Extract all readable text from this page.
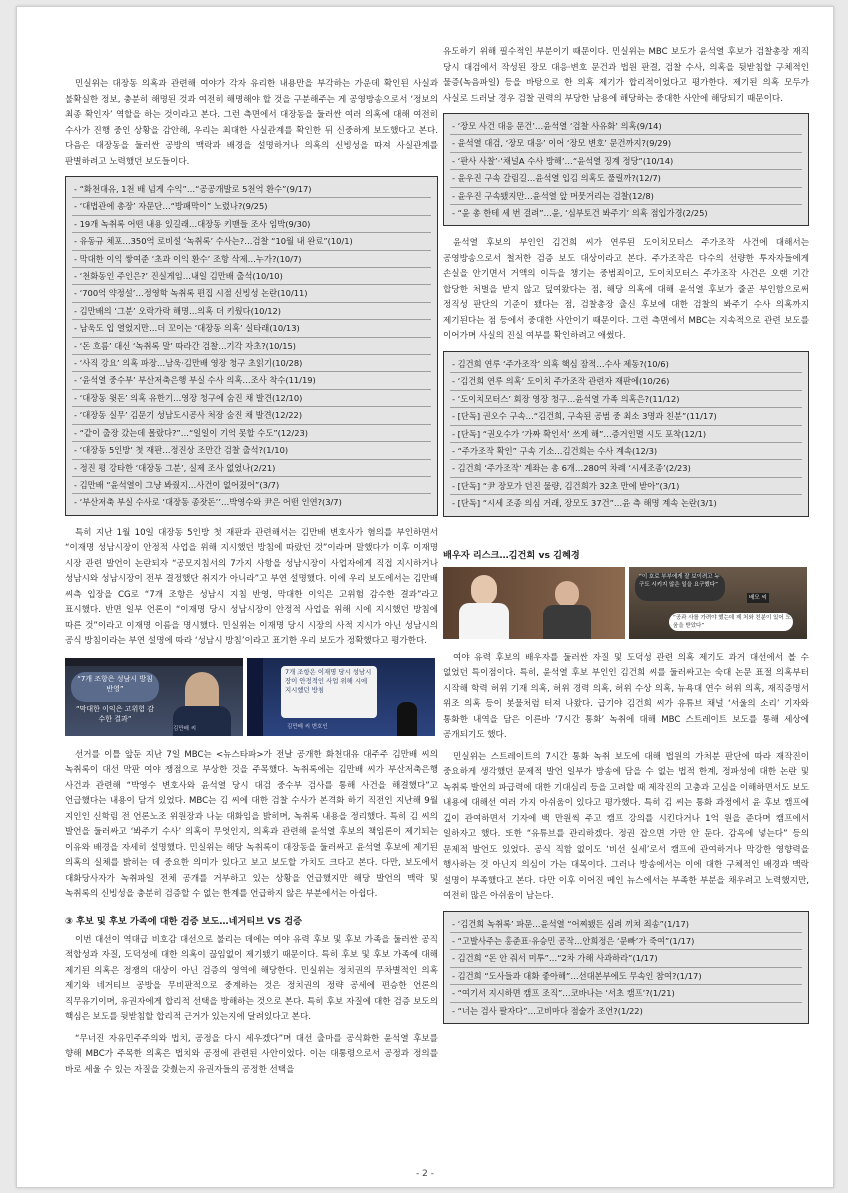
민실위는 대장동 의혹과 관련해 여야가 각자 유리한 내용만을 부각하는 가운데 확인된 사실과 불확실한 정보, 충분히 해명된 것과 여전히 해명해야 할 것을 구분해주는 게 공영방송으로서 ‘정보의 최종 확인자’ 역할을 하는 것이라고 본다. 그런 측면에서 대장동을 둘러싼 여러 의혹에 대해 여전히 수사가 진행 중인 상황을 감안해, 우리는 최대한 사실관계를 확인한 뒤 신중하게 보도했다고 본다. 다음은 대장동을 둘러싼 공방의 맥락과 배경을 설명하거나 의혹의 신빙성을 따져 사실관계를 판별하려고 노력했던 보도들이다.

- “화천대유, 1천 배 넘게 수익”…“공공개발로 5천억 환수”(9/17)
- ‘대법관에 총장’ 자문단…“방패막이” 노렸나?(9/25)
- 19개 녹취록 어떤 내용 있길래…대장동 키맨들 조사 임박(9/30)
- 유동규 체포…350억 로비설 ‘녹취록’ 수사는?…검찰 “10월 내 완료”(10/1)
- 막대한 이익 쌓여준 ‘초과 이익 환수’ 조항 삭제…누가?(10/7)
- ‘천화동인 주인은?’ 진실게임…내일 김만배 출석(10/10)
- ‘700억 약정설’…정영학 녹취록 편집 시점 신빙성 논란(10/11)
- 김만배의 ‘그분’ 오락가락 해명…의혹 더 키웠다(10/12)
- 남욱도 입 열었지만…더 꼬이는 ‘대장동 의혹’ 실타래(10/13)
- ‘돈 흐름’ 대신 ‘녹취록 말’ 따라간 검찰…기각 자초?(10/15)
- ‘사직 강요’ 의혹 파장…남욱·김만배 영장 청구 초읽기(10/28)
- ‘윤석열 중수부’ 부산저축은행 부실 수사 의혹…조사 착수(11/19)
- ‘대장동 윗돈’ 의혹 유한기…영장 청구에 숨진 채 발견(12/10)
- ‘대장동 실무’ 김문기 성남도시공사 처장 숨진 채 발견(12/22)
- “같이 출장 갔는데 몰랐다?”…“일일이 기억 못할 수도”(12/23)
- ‘대장동 5인방’ 첫 재판…정진상 조만간 검찰 출석?(1/10)
- 정진 평 강타한 ‘대장동 그분’, 실제 조사 없었나(2/21)
- 김만배 “윤석열이 그냥 봐줬지…사건이 없어졌어”(3/7)
- ‘부산저축 부실 수사로 ‘대장동 종잣돈’’…박영수와 尹은 어떤 인연?(3/7)

특히 지난 1월 10일 대장동 5인방 첫 재판과 관련해서는 김만배 변호사가 혐의를 부인하면서 “이재명 성남시장이 안정적 사업을 위해 지시했던 방침에 따랐던 것”이라며 말했다가 이후 이재명 시장 관련 발언이 논란되자 “공모지침서의 7가지 사항을 성남시장이 사업자에게 직접 지시하거나 성남시와 성남시장이 전부 결정했단 취지가 아니라”고 부연 설명했다. 이에 우리 보도에서는 김만배 씨측 입장을 CG로 “7개 조항은 성남시 지침 반영, 막대한 이익은 고위험 감수한 결과”라고 표시했다. 반면 일부 언론이 “이재명 당시 성남시장이 안정적 사업을 위해 시에 지시했던 방침에 따른 것”이라고 이재명 이름을 명시했다. 민실위는 이재명 당시 시장의 사적 지시가 아닌 성남시의 공식 방침이라는 부연 설명에 따라 ‘성남시 방침’이라고 표기한 우리 보도가 정확했다고 평가한다.

“7개 조항은 성남시 방침 반영”
“막대한 이익은 고위험 감수한 결과”
김만배 씨
7개 조항은 이재명 당시 성남시장이 안정적인 사업 위해 시에 지시했던 방침
김만배 씨 변호인

선거를 이틀 앞둔 지난 7일 MBC는 <뉴스타파>가 전날 공개한 화천대유 대주주 김만배 씨의 녹취록이 대선 막판 여야 쟁점으로 부상한 것을 주목했다. 녹취록에는 김만배 씨가 부산저축은행 사건과 관련해 “박영수 변호사와 윤석열 당시 대검 중수부 검사를 통해 사건을 해결했다”고 언급했다는 내용이 담겨 있었다. MBC는 김 씨에 대한 검찰 수사가 본격화 하기 직전인 지난해 9월 지인인 신학림 전 언론노조 위원장과 나눈 대화임을 밝히며, 녹취록 내용을 정리했다. 특히 김 씨의 발언을 둘러싸고 ‘봐주기 수사’ 의혹이 무엇인지, 의혹과 관련해 윤석열 후보의 책임론이 제기되는 이유와 배경을 자세히 설명했다. 민실위는 해당 녹취록이 대장동을 둘러싸고 윤석열 후보에 제기된 의혹의 실체를 밝히는 데 중요한 의미가 있다고 보고 보도할 가치도 크다고 본다. 다만, 보도에서 대화당사자가 녹취파일 전체 공개를 거부하고 있는 상황을 언급했지만 해당 발언의 맥락 및 녹취록의 신빙성을 충분히 검증할 수 없는 한계를 언급하지 않은 부분에서는 아쉽다.

③ 후보 및 후보 가족에 대한 검증 보도…네거티브 VS 검증

이번 대선이 역대급 비호감 대선으로 불리는 데에는 여야 유력 후보 및 후보 가족을 둘러싼 공직 적합성과 자질, 도덕성에 대한 의혹이 끊임없이 제기됐기 때문이다. 특히 후보 및 후보 가족에 대해 제기된 의혹은 정쟁의 대상이 아닌 검증의 영역에 해당한다. 민실위는 정치권의 무차별적인 의혹 제기와 네거티브 공방을 무비판적으로 중계하는 것은 정치권의 정략 공세에 편승한 언론의 직무유기이며, 유권자에게 합리적 선택을 방해하는 것으로 본다. 특히 후보 자질에 대한 검증 보도의 핵심은 보도를 뒷받침할 합리적 근거가 있는지에 달려있다고 본다.

“무너진 자유민주주의와 법치, 공정을 다시 세우겠다”며 대선 출마를 공식화한 윤석열 후보를 향해 MBC가 주목한 의혹은 법치와 공정에 관련된 사안이었다. 이는 대통령으로서 공정과 정의를 바로 세울 수 있는 자질을 갖췄는지 유권자들의 공정한 선택을

유도하기 위해 필수적인 부분이기 때문이다. 민실위는 MBC 보도가 윤석열 후보가 검찰총장 재직 당시 대검에서 작성된 장모 대응·변호 문건과 법원 판결, 검찰 수사, 의혹을 뒷받침할 구체적인 물증(녹음파일) 등을 바탕으로 한 의혹 제기가 합리적이었다고 평가한다. 제기된 의혹 모두가 사실로 드러날 경우 검찰 권력의 부당한 남용에 해당하는 중대한 사안에 해당되기 때문이다.

- ‘장모 사건 대응 문건’…윤석열 ‘검찰 사유화’ 의혹(9/14)
- 윤석열 대검, ‘장모 대응’ 이어 ‘장모 변호’ 문건까지?(9/29)
- ‘판사 사찰’·‘채널A 수사 방해’…“윤석열 징계 정당”(10/14)
- 윤우진 구속 갈림길…윤석열 입김 의혹도 풀릴까?(12/7)
- 윤우진 구속됐지만…윤석열 앞 머뭇거리는 검찰(12/8)
- “윤 총 한테 세 번 걸려”…윤, ‘심부토건 봐주기’ 의혹 점입가경(2/25)

윤석열 후보의 부인인 김건희 씨가 연루된 도이치모터스 주가조작 사건에 대해서는 공영방송으로서 철저한 검증 보도 대상이라고 본다. 주가조작은 다수의 선량한 투자자들에게 손실을 안기면서 거액의 이득을 챙기는 중범죄이고, 도이치모터스 주가조작 사건은 오랜 기간 합당한 처벌을 받지 않고 덮여왔다는 점, 해당 의혹에 대해 윤석열 후보가 줄곧 부인함으로써 정직성 판단의 기준이 됐다는 점, 검찰총장 출신 후보에 대한 검찰의 봐주기 수사 의혹까지 제기된다는 점 등에서 중대한 사안이기 때문이다. 그런 측면에서 MBC는 지속적으로 관련 보도를 이어가며 사실의 진실 여부를 확인하려고 애썼다.

- 김건희 연루 ‘주가조작’ 의혹 핵심 잠적…수사 제동?(10/6)
- ‘김건희 연루 의혹’ 도이치 주가조작 관련자 재판에(10/26)
- ‘도이치모터스’ 회장 영장 청구…윤석열 가족 의혹은?(11/12)
- [단독] 권오수 구속…“김건희, 구속된 공범 중 최소 3명과 친분”(11/17)
- [단독] “권오수가 ‘가짜 확인서’ 쓰게 해”…증거인멸 시도 포착(12/1)
- “주가조작 확인” 구속 기소…김건희는 수사 계속(12/3)
- 김건희 ‘주가조작’ 계좌는 총 6개…280여 차례 ‘시세조종’(2/23)
- [단독] “尹 장모가 던진 물량, 김건희가 32초 만에 받아”(3/1)
- [단독] “시세 조종 의심 거래, 장모도 37건”…윤 측 해명 계속 논란(3/1)
배우자 리스크…김건희 vs 김혜경
“이 호로 부부에게 잘 보이려고 누구도 시키지 않은 일을 요구했다”
배모 씨
“공과 사를 가려야 했는데 제 처와 친분이 있어 도움을 받았다”

여야 유력 후보의 배우자를 둘러싼 자질 및 도덕성 관련 의혹 제기도 과거 대선에서 볼 수 없었던 특이점이다. 특히, 윤석열 후보 부인인 김건희 씨를 둘러싸고는 숙대 논문 표절 의혹부터 시작해 학력 허위 기재 의혹, 허위 경력 의혹, 허위 수상 의혹, 뉴욕대 연수 허위 의혹, 재직증명서 위조 의혹 등이 봇물처럼 터져 나왔다. 급기야 김건희 씨가 유튜브 채널 ‘서울의 소리’ 기자와 통화한 내역을 담은 이른바 ‘7시간 통화’ 녹취에 대해 MBC 스트레이트 보도를 통해 세상에 공개되기도 했다.

민실위는 스트레이트의 7시간 통화 녹취 보도에 대해 법원의 가처분 판단에 따라 재작진이 중요하게 생각했던 문제적 발언 일부가 방송에 담을 수 없는 법적 한계, 정파성에 대한 논란 및 녹취록 발언의 파급력에 대한 기대심리 등을 고려할 때 제작진의 고충과 고심을 이해하면서도 보도 내용에 대해선 여러 가지 아쉬움이 있다고 평가했다. 특히 김 씨는 통화 과정에서 윤 후보 캠프에 깊이 관여하면서 기자에 백 만원씩 주고 캠프 강의를 시킨다거나 1억 원을 준다며 캠프에서 일하자고 했다. 또한 “유튜브를 관리하겠다. 정권 잡으면 가만 안 둔다. 감옥에 넣는다” 등의 문제적 발언도 있었다. 공식 직함 없이도 ‘비선 실세’로서 캠프에 관여하거나 막강한 영향력을 행사하는 것 아닌지 의심이 가는 대목이다. 그러나 방송에서는 이에 대한 구체적인 배경과 맥락 설명이 부족했다고 본다. 다만 이후 이어진 메인 뉴스에서는 부족한 부분을 채우려고 노력했지만, 여전히 많은 아쉬움이 남는다.

- ‘김건희 녹취록’ 파문…윤석열 “어찌됐든 심려 끼쳐 죄송”(1/17)
- “고발사주는 홍준표·유승민 공작…안희정은 ‘문빠’가 죽여”(1/17)
- 김건희 “돈 안 줘서 미투”…“2차 가해 사과하라”(1/17)
- 김건희 “도사들과 대화 좋아해”…선대본부에도 무속인 참여?(1/17)
- “여기서 지시하면 캠프 조직”…코바나는 ‘서초 캠프’?(1/21)
- “너는 검사 팔자다”…고비마다 점술가 조언?(1/22)
- 2 -
